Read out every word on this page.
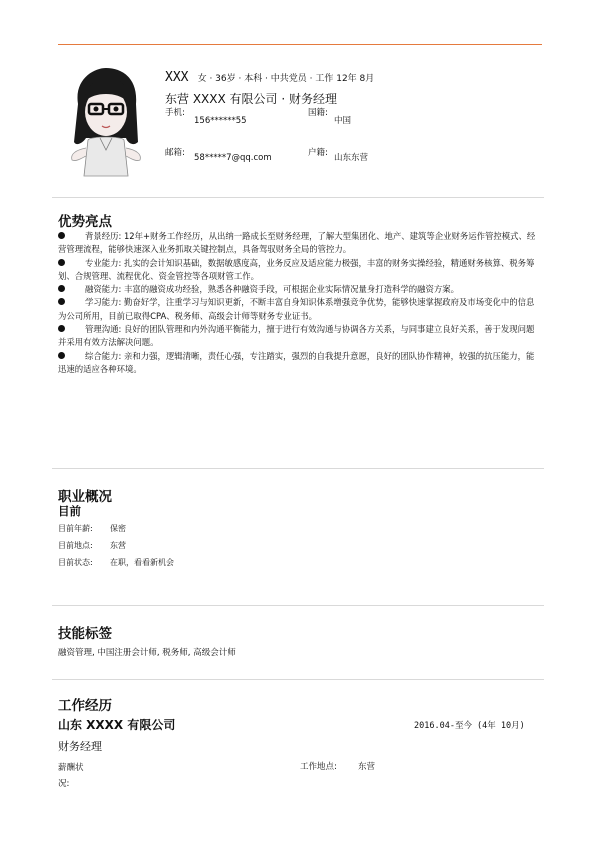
XXX 女 · 36岁 · 本科 · 中共党员 · 工作 12年 8月
东营 XXXX 有限公司 · 财务经理
手机:
156******55
国籍:
中国
邮箱: 58*****7@qq.com	户籍: 山东东营
优势亮点
背景经历: 12年+财务工作经历，从出纳一路成长至财务经理，了解大型集团化、地产、建筑等企业财务运作管控模式、经营管理流程，能够快速深入业务抓取关键控制点，具备驾驭财务全局的管控力。
专业能力: 扎实的会计知识基础，数据敏感度高，业务反应及适应能力极强，丰富的财务实操经验，精通财务核算、税务筹划、合规管理、流程优化、资金管控等各项财管工作。
融资能力: 丰富的融资成功经验，熟悉各种融资手段，可根据企业实际情况量身打造科学的融资方案。
学习能力: 勤奋好学，注重学习与知识更新，不断丰富自身知识体系增强竞争优势，能够快速掌握政府及市场变化中的信息为公司所用，目前已取得CPA、税务师、高级会计师等财务专业证书。
管理沟通: 良好的团队管理和内外沟通平衡能力，擅于进行有效沟通与协调各方关系，与同事建立良好关系，善于发现问题并采用有效方法解决问题。
综合能力: 亲和力强，逻辑清晰，责任心强，专注踏实，强烈的自我提升意愿，良好的团队协作精神，较强的抗压能力，能迅速的适应各种环境。
职业概况
目前
目前年薪: 保密
目前地点: 东营
目前状态: 在职，看看新机会
技能标签
融资管理, 中国注册会计师, 税务师, 高级会计师
工作经历
山东 XXXX 有限公司	2016.04-至今 (4年 10月)
财务经理
薪酬状况:
工作地点: 东营
